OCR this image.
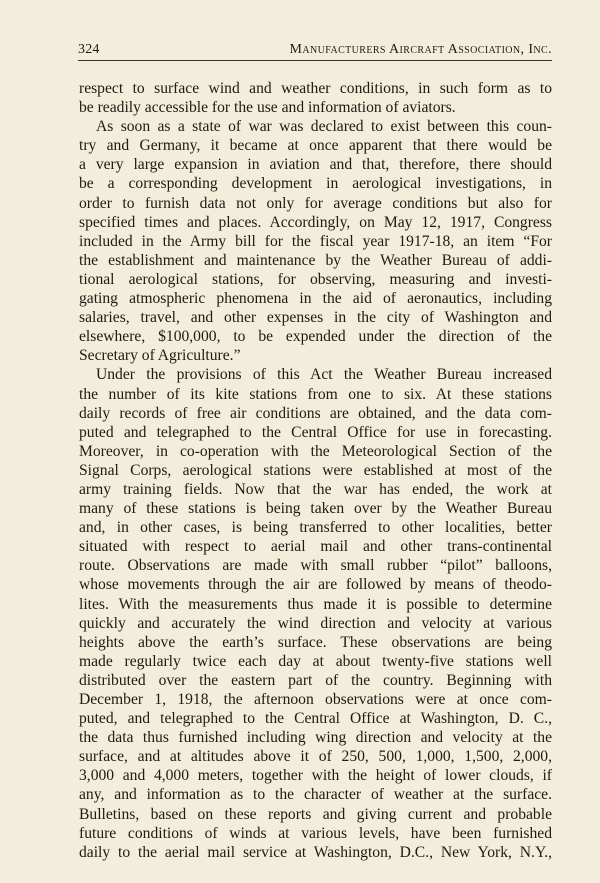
324	Manufacturers Aircraft Association, Inc.
respect to surface wind and weather conditions, in such form as to
be readily accessible for the use and information of aviators.
As soon as a state of war was declared to exist between this coun-
try and Germany, it became at once apparent that there would be
a very large expansion in aviation and that, therefore, there should
be a corresponding development in aerological investigations, in
order to furnish data not only for average conditions but also for
specified times and places. Accordingly, on May 12, 1917, Congress
included in the Army bill for the fiscal year 1917-18, an item “For
the establishment and maintenance by the Weather Bureau of addi-
tional aerological stations, for observing, measuring and investi-
gating atmospheric phenomena in the aid of aeronautics, including
salaries, travel, and other expenses in the city of Washington and
elsewhere, $100,000, to be expended under the direction of the
Secretary of Agriculture.”
Under the provisions of this Act the Weather Bureau increased
the number of its kite stations from one to six. At these stations
daily records of free air conditions are obtained, and the data com-
puted and telegraphed to the Central Office for use in forecasting.
Moreover, in co-operation with the Meteorological Section of the
Signal Corps, aerological stations were established at most of the
army training fields. Now that the war has ended, the work at
many of these stations is being taken over by the Weather Bureau
and, in other cases, is being transferred to other localities, better
situated with respect to aerial mail and other trans-continental
route. Observations are made with small rubber “pilot” balloons,
whose movements through the air are followed by means of theodo-
lites. With the measurements thus made it is possible to determine
quickly and accurately the wind direction and velocity at various
heights above the earth’s surface. These observations are being
made regularly twice each day at about twenty-five stations well
distributed over the eastern part of the country. Beginning with
December 1, 1918, the afternoon observations were at once com-
puted, and telegraphed to the Central Office at Washington, D. C.,
the data thus furnished including wing direction and velocity at the
surface, and at altitudes above it of 250, 500, 1,000, 1,500, 2,000,
3,000 and 4,000 meters, together with the height of lower clouds, if
any, and information as to the character of weather at the surface.
Bulletins, based on these reports and giving current and probable
future conditions of winds at various levels, have been furnished
daily to the aerial mail service at Washington, D.C., New York, N.Y.,
